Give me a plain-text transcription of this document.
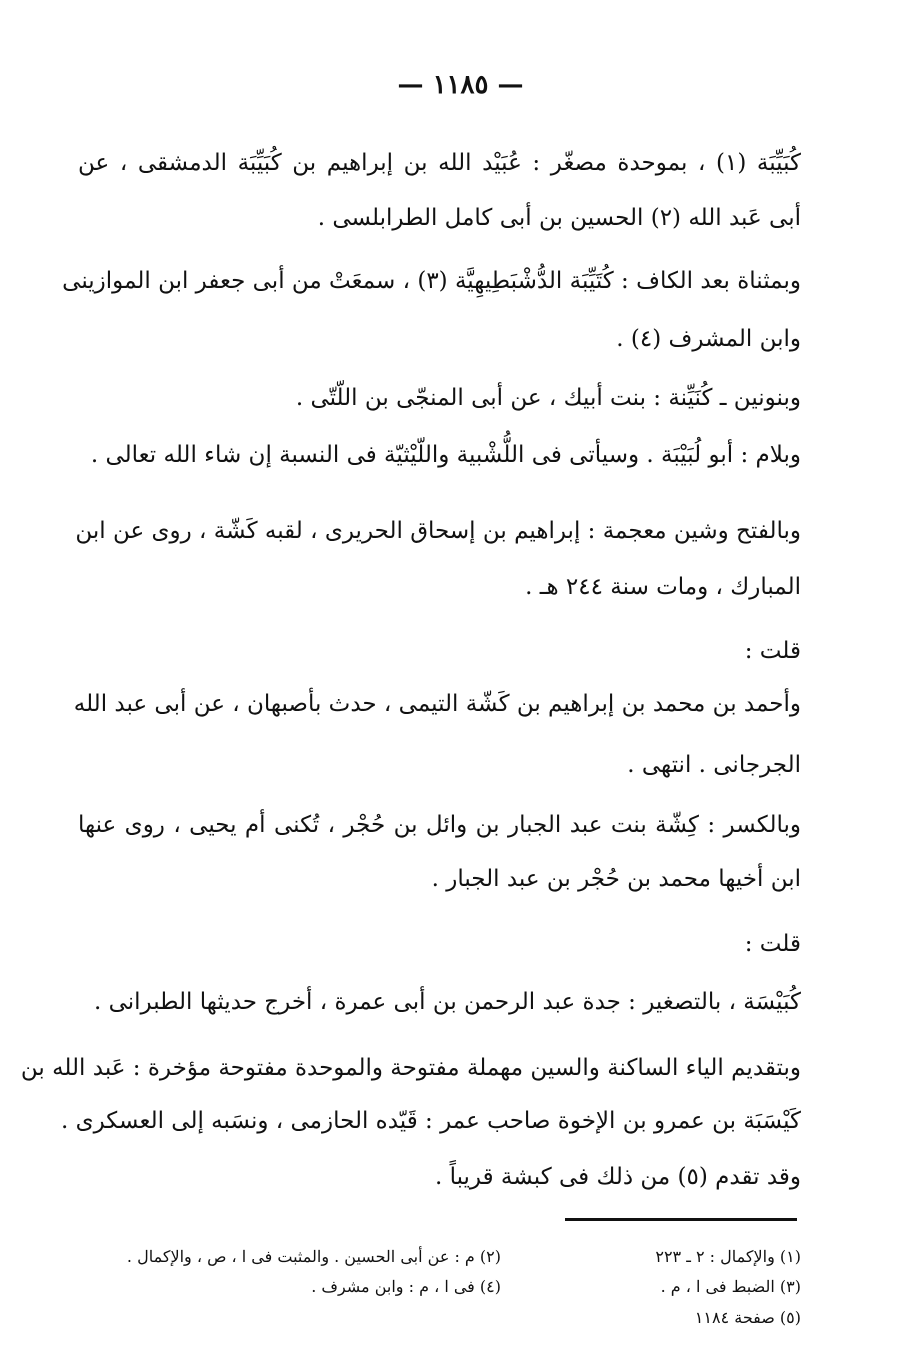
— ١١٨٥ —
كُبَيِّبَة (١) ، بموحدة مصغّر : عُبَيْد الله بن إبراهيم بن كُبَيِّبَة الدمشقى ، عن
أبى عَبد الله (٢) الحسين بن أبى كامل الطرابلسى .
وبمثناة بعد الكاف : كُتَيِّبَة الدُّشْبَطِيهِيَّة (٣) ، سمعَتْ من أبى جعفر ابن الموازينى
وابن المشرف (٤) .
وبنونين ـ كُنَيِّنة : بنت أبيك ، عن أبى المنجّى بن اللّتّى .
وبلام : أبو لُبَيْبَة . وسيأتى فى اللُّشْبية واللّيْثيّة فى النسبة إن شاء الله تعالى .
وبالفتح وشين معجمة : إبراهيم بن إسحاق الحريرى ، لقبه كَشّة ، روى عن ابن
المبارك ، ومات سنة ٢٤٤ هـ .
قلت :
وأحمد بن محمد بن إبراهيم بن كَشّة التيمى ، حدث بأصبهان ، عن أبى عبد الله
الجرجانى . انتهى .
وبالكسر : كِشّة بنت عبد الجبار بن وائل بن حُجْر ، تُكنى أم يحيى ، روى عنها
ابن أخيها محمد بن حُجْر بن عبد الجبار .
قلت :
كُبَيْسَة ، بالتصغير : جدة عبد الرحمن بن أبى عمرة ، أخرج حديثها الطبرانى .
وبتقديم الياء الساكنة والسين مهملة مفتوحة والموحدة مفتوحة مؤخرة : عَبد الله بن
كَيْسَبَة بن عمرو بن الإخوة صاحب عمر : قَيّده الحازمى ، ونسَبه إلى العسكرى .
وقد تقدم (٥) من ذلك فى كبشة قريباً .
(١) والإكمال : ٢ ـ ٢٢٣
(٢) م : عن أبى الحسين . والمثبت فى ا ، ص ، والإكمال .
(٣) الضبط فى ا ، م .
(٤) فى ا ، م : وابن مشرف .
(٥) صفحة ١١٨٤
